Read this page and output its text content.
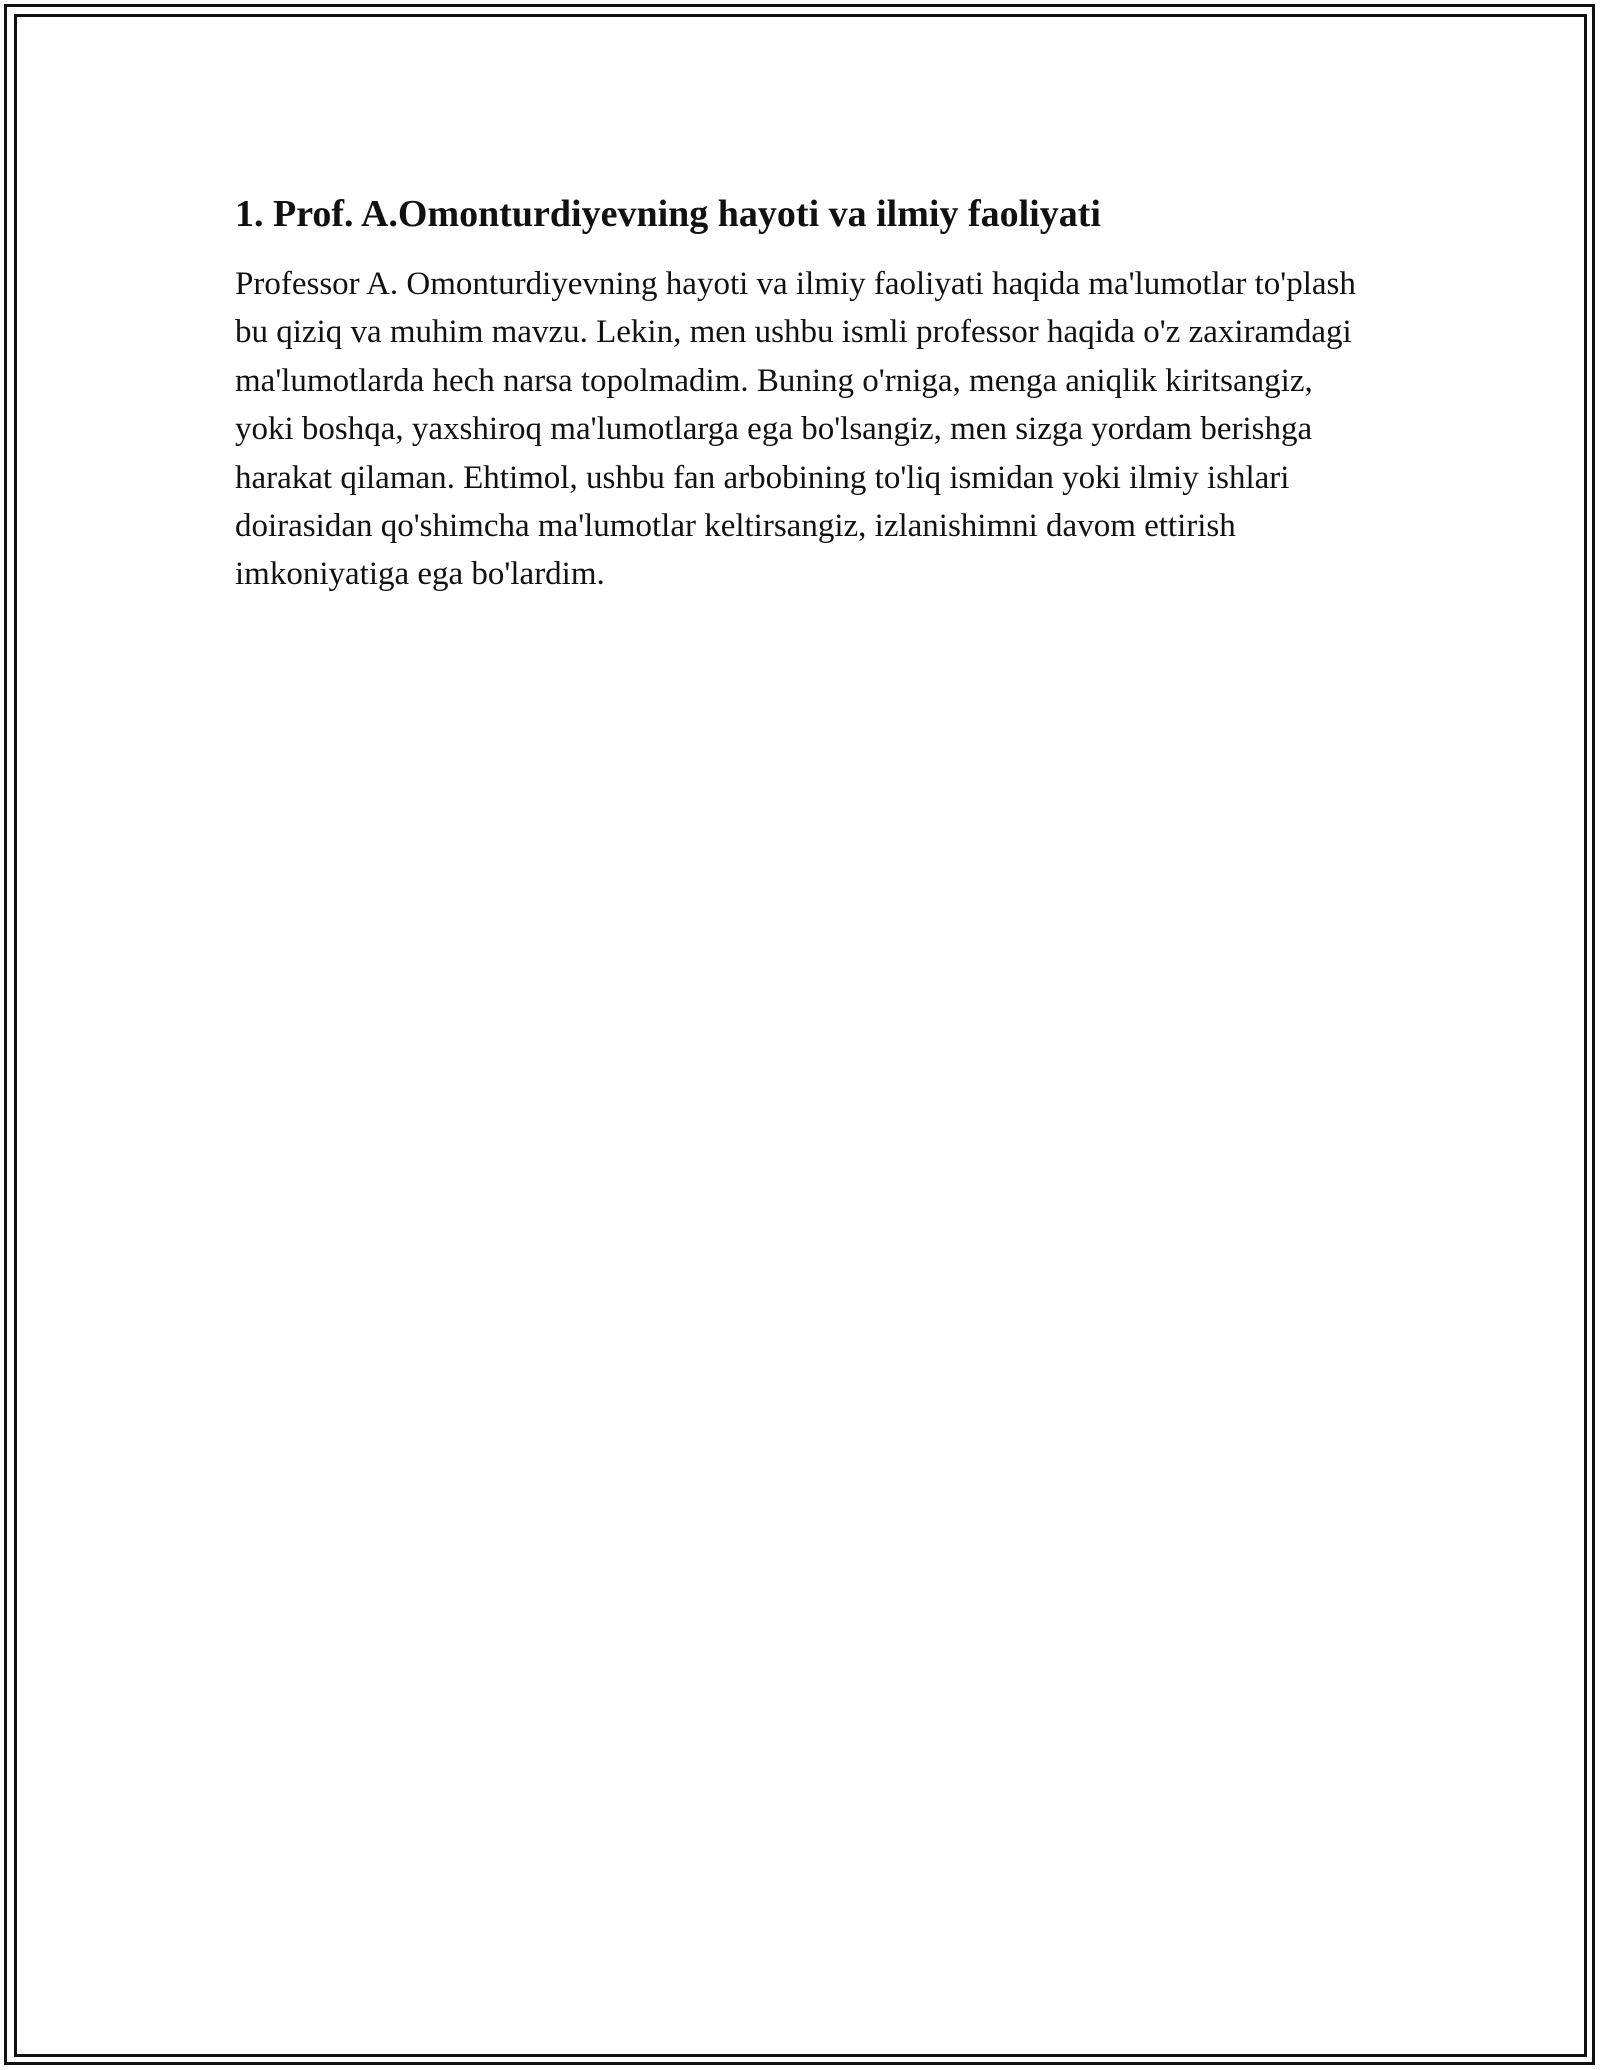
1. Prof. A.Omonturdiyevning hayoti va ilmiy faoliyati

Professor A. Omonturdiyevning hayoti va ilmiy faoliyati haqida ma'lumotlar to'plash bu qiziq va muhim mavzu. Lekin, men ushbu ismli professor haqida o'z zaxiramdagi ma'lumotlarda hech narsa topolmadim. Buning o'rniga, menga aniqlik kiritsangiz, yoki boshqa, yaxshiroq ma'lumotlarga ega bo'lsangiz, men sizga yordam berishga harakat qilaman. Ehtimol, ushbu fan arbobining to'liq ismidan yoki ilmiy ishlari doirasidan qo'shimcha ma'lumotlar keltirsangiz, izlanishimni davom ettirish imkoniyatiga ega bo'lardim.
